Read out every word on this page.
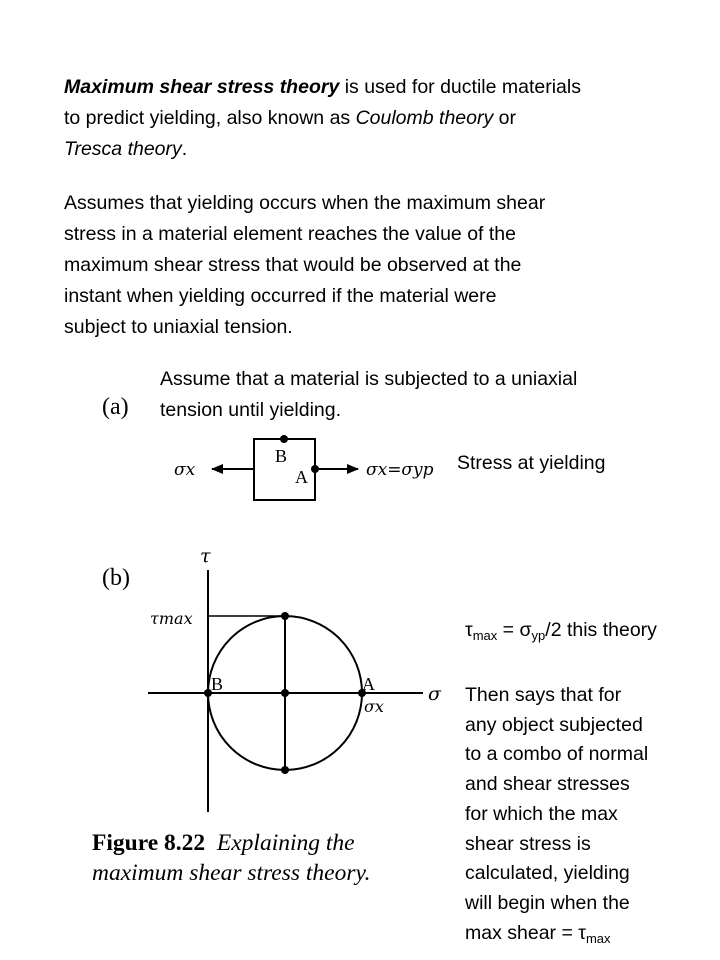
Maximum shear stress theory is used for ductile materials
to predict yielding, also known as Coulomb theory or
Tresca theory.
Assumes that yielding occurs when the maximum shear
stress in a material element reaches the value of the
maximum shear stress that would be observed at the
instant when yielding occurred if the material were
subject to uniaxial tension.
(a)
Assume that a material is subjected to a uniaxial
tension until yielding.
Stress at yielding
B
A
σx	σx=σyp
τ
σ
τmax
B	A
σx
(b)
$\tau_{max} = \sigma_{yp}/2$ this theory
Then says that for
any object subjected
to a combo of normal
and shear stresses
for which the max
shear stress is
calculated, yielding
will begin when the
max shear = $\tau_{max}$
Figure 8.22 Explaining the
maximum shear stress theory.
